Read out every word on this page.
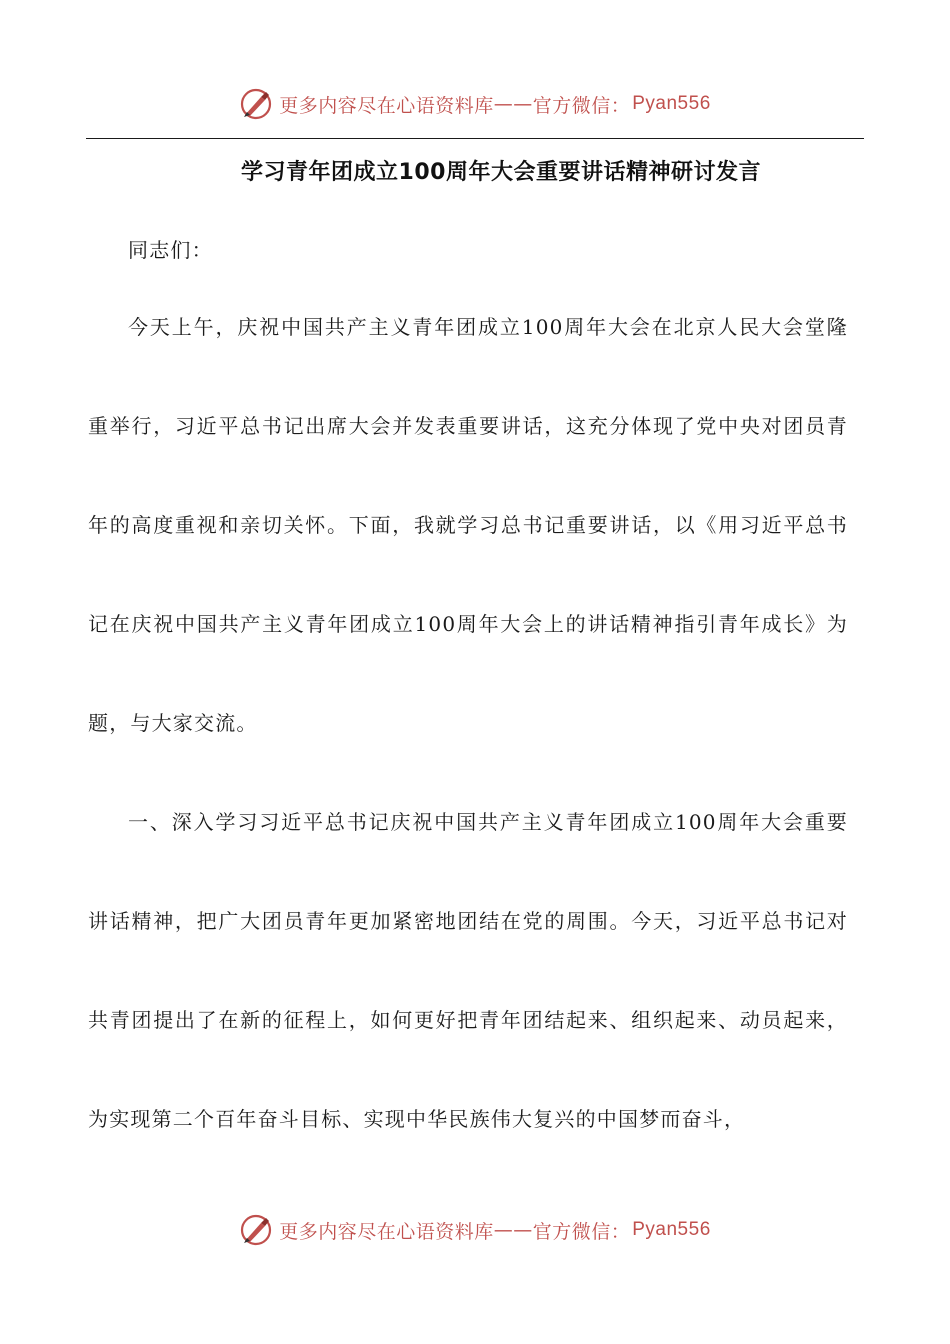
更多内容尽在心语资料库 —— 官方微信： Pyan556
学习青年团成立100周年大会重要讲话精神研讨发言

同志们：

今天上午，庆祝中国共产主义青年团成立100周年大会在北京人民大会堂隆重举行，习近平总书记出席大会并发表重要讲话，这充分体现了党中央对团员青年的高度重视和亲切关怀。下面，我就学习总书记重要讲话，以《用习近平总书记在庆祝中国共产主义青年团成立100周年大会上的讲话精神指引青年成长》为题，与大家交流。

一、深入学习习近平总书记庆祝中国共产主义青年团成立100周年大会重要讲话精神，把广大团员青年更加紧密地团结在党的周围。今天，习近平总书记对共青团提出了在新的征程上，如何更好把青年团结起来、组织起来、动员起来，为实现第二个百年奋斗目标、实现中华民族伟大复兴的中国梦而奋斗，

更多内容尽在心语资料库 —— 官方微信： Pyan556
